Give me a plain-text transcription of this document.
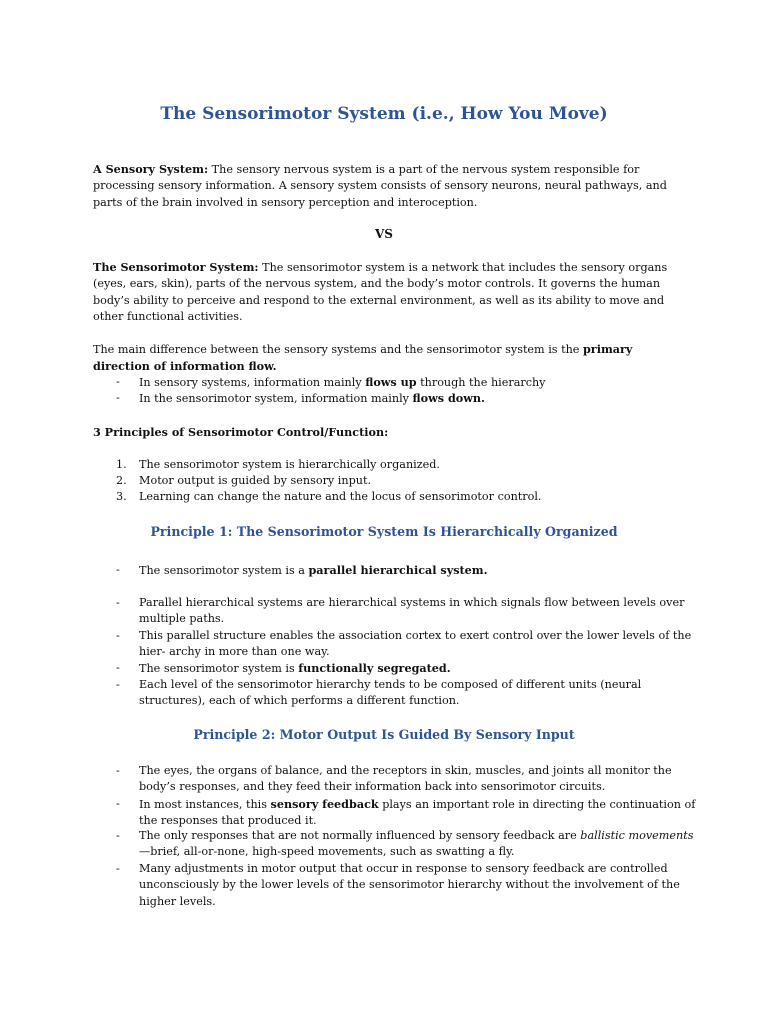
The Sensorimotor System (i.e., How You Move)
A Sensory System: The sensory nervous system is a part of the nervous system responsible for processing sensory information. A sensory system consists of sensory neurons, neural pathways, and parts of the brain involved in sensory perception and interoception.
VS
The Sensorimotor System: The sensorimotor system is a network that includes the sensory organs (eyes, ears, skin), parts of the nervous system, and the body’s motor controls. It governs the human body’s ability to perceive and respond to the external environment, as well as its ability to move and other functional activities.
The main difference between the sensory systems and the sensorimotor system is the primary direction of information flow.
- In sensory systems, information mainly flows up through the hierarchy
- In the sensorimotor system, information mainly flows down.
3 Principles of Sensorimotor Control/Function:
1. The sensorimotor system is hierarchically organized.
2. Motor output is guided by sensory input.
3. Learning can change the nature and the locus of sensorimotor control.
Principle 1: The Sensorimotor System Is Hierarchically Organized
- The sensorimotor system is a parallel hierarchical system.
- Parallel hierarchical systems are hierarchical systems in which signals flow between levels over multiple paths.
- This parallel structure enables the association cortex to exert control over the lower levels of the hier- archy in more than one way.
- The sensorimotor system is functionally segregated.
- Each level of the sensorimotor hierarchy tends to be composed of different units (neural structures), each of which performs a different function.
Principle 2: Motor Output Is Guided By Sensory Input
- The eyes, the organs of balance, and the receptors in skin, muscles, and joints all monitor the body’s responses, and they feed their information back into sensorimotor circuits.
- In most instances, this sensory feedback plays an important role in directing the continuation of the responses that produced it.
- The only responses that are not normally influenced by sensory feedback are ballistic movements—brief, all-or-none, high-speed movements, such as swatting a fly.
- Many adjustments in motor output that occur in response to sensory feedback are controlled unconsciously by the lower levels of the sensorimotor hierarchy without the involvement of the higher levels.
